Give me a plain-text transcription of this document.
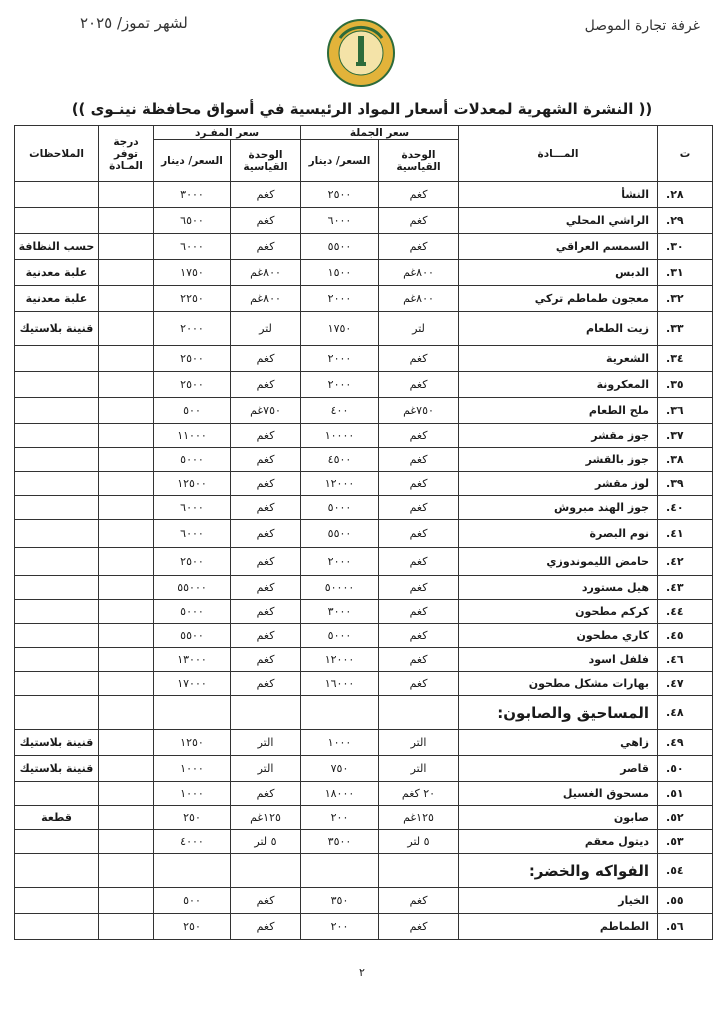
غرفة تجارة الموصل
لشهر تموز/ ٢٠٢٥
(( النشرة الشهرية لمعدلات أسعار المواد الرئيسية في أسواق محافظة نينـوى ))
ت	المـــادة	سعر الجملة		سعر المفـرد		درجة توفر المـادة	الملاحظات
		الوحدة القياسية	السعر/ دينار	الوحدة القياسية	السعر/ دينار		
٢٨.	النشأ	كغم	٢٥٠٠	كغم	٣٠٠٠		
٢٩.	الراشي المحلي	كغم	٦٠٠٠	كغم	٦٥٠٠		
٣٠.	السمسم العراقي	كغم	٥٥٠٠	كغم	٦٠٠٠		حسب النظافة
٣١.	الدبس	٨٠٠غم	١٥٠٠	٨٠٠غم	١٧٥٠		علبة معدنية
٣٢.	معجون طماطم تركي	٨٠٠غم	٢٠٠٠	٨٠٠غم	٢٢٥٠		علبة معدنية
٣٣.	زيت الطعام	لتر	١٧٥٠	لتر	٢٠٠٠		قنينة بلاستيك
٣٤.	الشعرية	كغم	٢٠٠٠	كغم	٢٥٠٠		
٣٥.	المعكرونة	كغم	٢٠٠٠	كغم	٢٥٠٠		
٣٦.	ملح الطعام	٧٥٠غم	٤٠٠	٧٥٠غم	٥٠٠		
٣٧.	جوز مقشر	كغم	١٠٠٠٠	كغم	١١٠٠٠		
٣٨.	جوز بالقشر	كغم	٤٥٠٠	كغم	٥٠٠٠		
٣٩.	لوز مقشر	كغم	١٢٠٠٠	كغم	١٢٥٠٠		
٤٠.	جوز الهند مبروش	كغم	٥٠٠٠	كغم	٦٠٠٠		
٤١.	نوم البصرة	كغم	٥٥٠٠	كغم	٦٠٠٠		
٤٢.	حامض الليموندوزي	كغم	٢٠٠٠	كغم	٢٥٠٠		
٤٣.	هيل مستورد	كغم	٥٠٠٠٠	كغم	٥٥٠٠٠		
٤٤.	كركم مطحون	كغم	٣٠٠٠	كغم	٥٠٠٠		
٤٥.	كاري مطحون	كغم	٥٠٠٠	كغم	٥٥٠٠		
٤٦.	فلفل اسود	كغم	١٢٠٠٠	كغم	١٣٠٠٠		
٤٧.	بهارات مشكل مطحون	كغم	١٦٠٠٠	كغم	١٧٠٠٠		
٤٨.	المساحيق والصابون:						
٤٩.	زاهي	التر	١٠٠٠	التر	١٢٥٠		قنينة بلاستيك
٥٠.	قاصر	التر	٧٥٠	التر	١٠٠٠		قنينة بلاستيك
٥١.	مسحوق الغسيل	٢٠ كغم	١٨٠٠٠	كغم	١٠٠٠		
٥٢.	صابون	١٢٥غم	٢٠٠	١٢٥غم	٢٥٠		قطعة
٥٣.	ديتول معقم	٥ لتر	٣٥٠٠	٥ لتر	٤٠٠٠		
٥٤.	الفواكه والخضر:						
٥٥.	الخيار	كغم	٣٥٠	كغم	٥٠٠		
٥٦.	الطماطم	كغم	٢٠٠	كغم	٢٥٠		
٢
